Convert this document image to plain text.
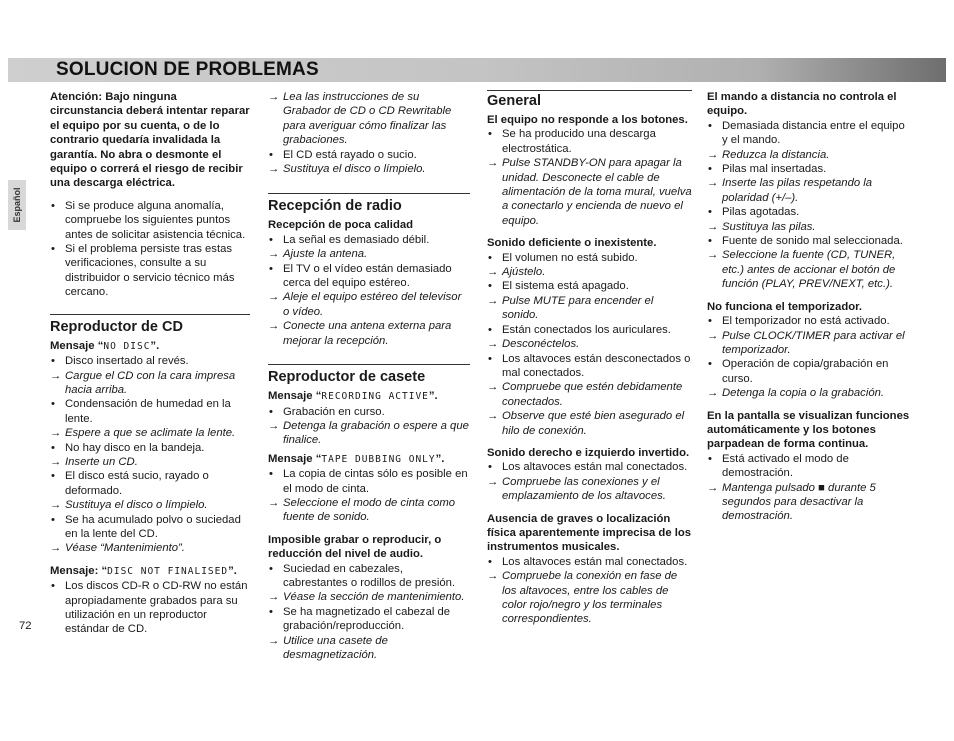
SOLUCION DE PROBLEMAS
Español

Atención: Bajo ninguna circunstancia deberá intentar reparar el equipo por su cuenta, o de lo contrario quedaría invalidada la garantía. No abra o desmonte el equipo o correrá el riesgo de recibir una descarga eléctrica.

• Si se produce alguna anomalía, compruebe los siguientes puntos antes de solicitar asistencia técnica.
• Si el problema persiste tras estas verificaciones, consulte a su distribuidor o servicio técnico más cercano.
Reproductor de CD
Mensaje “NO DISC”.
• Disco insertado al revés.
→ Cargue el CD con la cara impresa hacia arriba.
• Condensación de humedad en la lente.
→ Espere a que se aclimate la lente.
• No hay disco en la bandeja.
→ Inserte un CD.
• El disco está sucio, rayado o deformado.
→ Sustituya el disco o límpielo.
• Se ha acumulado polvo o suciedad en la lente del CD.
→ Véase “Mantenimiento”.
Mensaje: “DISC NOT FINALISED”.
• Los discos CD-R o CD-RW no están apropiadamente grabados para su utilización en un reproductor estándar de CD.
→ Lea las instrucciones de su Grabador de CD o CD Rewritable para averiguar cómo finalizar las grabaciones.
• El CD está rayado o sucio.
→ Sustituya el disco o límpielo.
Recepción de radio
Recepción de poca calidad
• La señal es demasiado débil.
→ Ajuste la antena.
• El TV o el vídeo están demasiado cerca del equipo estéreo.
→ Aleje el equipo estéreo del televisor o vídeo.
→ Conecte una antena externa para mejorar la recepción.
Reproductor de casete
Mensaje “RECORDING ACTIVE”.
• Grabación en curso.
→ Detenga la grabación o espere a que finalice.
Mensaje “TAPE DUBBING ONLY”.
• La copia de cintas sólo es posible en el modo de cinta.
→ Seleccione el modo de cinta como fuente de sonido.
Imposible grabar o reproducir, o reducción del nivel de audio.
• Suciedad en cabezales, cabrestantes o rodillos de presión.
→ Véase la sección de mantenimiento.
• Se ha magnetizado el cabezal de grabación/reproducción.
→ Utilice una casete de desmagnetización.
General
El equipo no responde a los botones.
• Se ha producido una descarga electrostática.
→ Pulse STANDBY-ON para apagar la unidad. Desconecte el cable de alimentación de la toma mural, vuelva a conectarlo y encienda de nuevo el equipo.
Sonido deficiente o inexistente.
• El volumen no está subido.
→ Ajústelo.
• El sistema está apagado.
→ Pulse MUTE para encender el sonido.
• Están conectados los auriculares.
→ Desconéctelos.
• Los altavoces están desconectados o mal conectados.
→ Compruebe que estén debidamente conectados.
→ Observe que esté bien asegurado el hilo de conexión.
Sonido derecho e izquierdo invertido.
• Los altavoces están mal conectados.
→ Compruebe las conexiones y el emplazamiento de los altavoces.
Ausencia de graves o localización física aparentemente imprecisa de los instrumentos musicales.
• Los altavoces están mal conectados.
→ Compruebe la conexión en fase de los altavoces, entre los cables de color rojo/negro y los terminales correspondientes.
El mando a distancia no controla el equipo.
• Demasiada distancia entre el equipo y el mando.
→ Reduzca la distancia.
• Pilas mal insertadas.
→ Inserte las pilas respetando la polaridad (+/–).
• Pilas agotadas.
→ Sustituya las pilas.
• Fuente de sonido mal seleccionada.
→ Seleccione la fuente (CD, TUNER, etc.) antes de accionar el botón de función (PLAY, PREV/NEXT, etc.).
No funciona el temporizador.
• El temporizador no está activado.
→ Pulse CLOCK/TIMER para activar el temporizador.
• Operación de copia/grabación en curso.
→ Detenga la copia o la grabación.
En la pantalla se visualizan funciones automáticamente y los botones parpadean de forma continua.
• Está activado el modo de demostración.
→ Mantenga pulsado ■ durante 5 segundos para desactivar la demostración.
72
